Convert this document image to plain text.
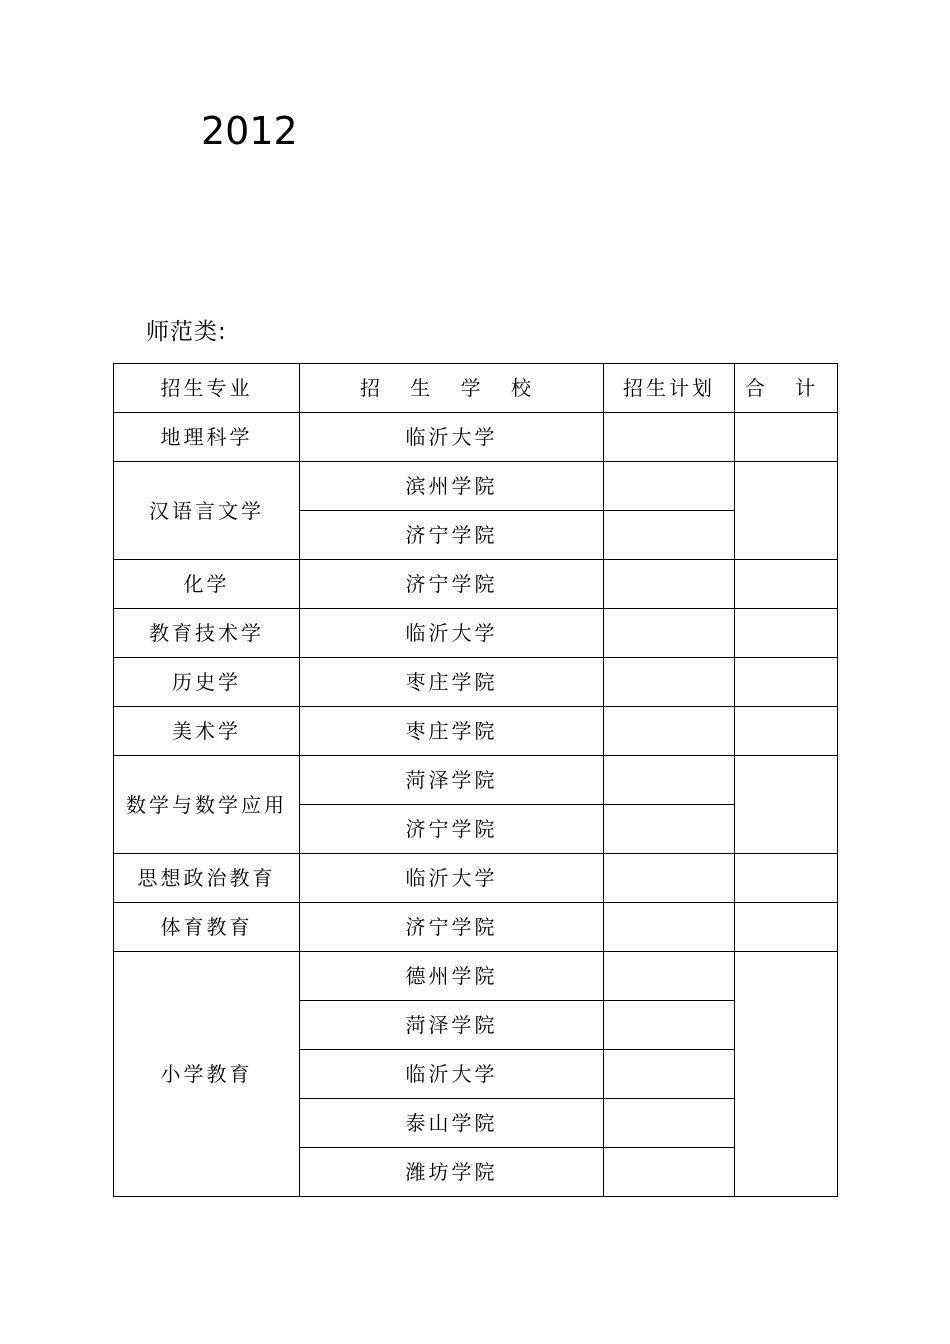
2012
师范类:
招生专业	招 生 学 校	招生计划	合 计
地理科学	临沂大学		
汉语言文学	滨州学院		
	济宁学院		
化学	济宁学院		
教育技术学	临沂大学		
历史学	枣庄学院		
美术学	枣庄学院		
数学与数学应用	菏泽学院		
	济宁学院		
思想政治教育	临沂大学		
体育教育	济宁学院		
小学教育	德州学院		
	菏泽学院		
	临沂大学		
	泰山学院		
	潍坊学院		
